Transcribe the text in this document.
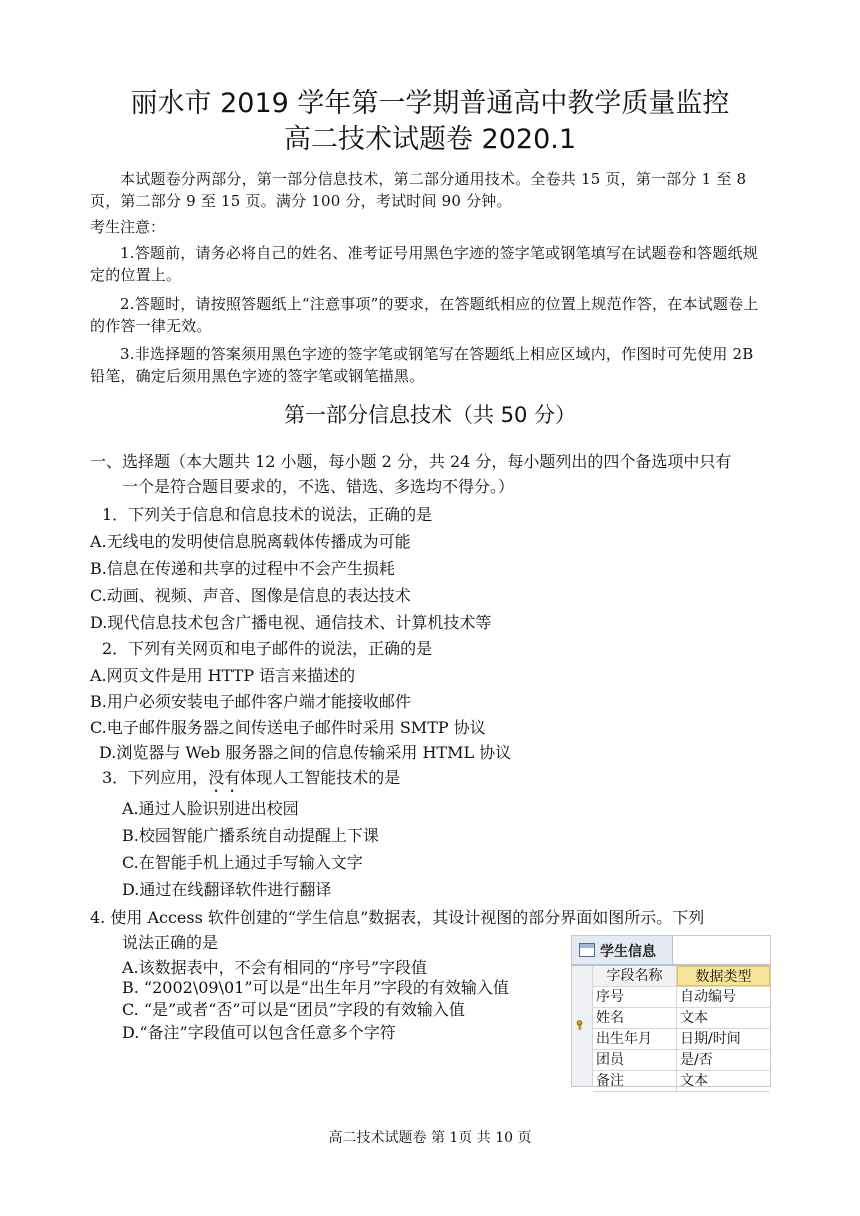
丽水市 2019 学年第一学期普通高中教学质量监控
高二技术试题卷 2020.1
本试题卷分两部分，第一部分信息技术，第二部分通用技术。全卷共 15 页，第一部分 1 至 8 页，第二部分 9 至 15 页。满分 100 分，考试时间 90 分钟。
考生注意：
1.答题前，请务必将自己的姓名、准考证号用黑色字迹的签字笔或钢笔填写在试题卷和答题纸规定的位置上。
2.答题时，请按照答题纸上“注意事项”的要求，在答题纸相应的位置上规范作答，在本试题卷上的作答一律无效。
3.非选择题的答案须用黑色字迹的签字笔或钢笔写在答题纸上相应区域内，作图时可先使用 2B 铅笔，确定后须用黑色字迹的签字笔或钢笔描黑。
第一部分信息技术（共 50 分）
一、选择题（本大题共 12 小题，每小题 2 分，共 24 分，每小题列出的四个备选项中只有
一个是符合题目要求的，不选、错选、多选均不得分。）
1．下列关于信息和信息技术的说法，正确的是
A.无线电的发明使信息脱离载体传播成为可能
B.信息在传递和共享的过程中不会产生损耗
C.动画、视频、声音、图像是信息的表达技术
D.现代信息技术包含广播电视、通信技术、计算机技术等
2．下列有关网页和电子邮件的说法，正确的是
A.网页文件是用 HTTP 语言来描述的
B.用户必须安装电子邮件客户端才能接收邮件
C.电子邮件服务器之间传送电子邮件时采用 SMTP 协议
D.浏览器与 Web 服务器之间的信息传输采用 HTML 协议
3．下列应用，没有体现人工智能技术的是
A.通过人脸识别进出校园
B.校园智能广播系统自动提醒上下课
C.在智能手机上通过手写输入文字
D.通过在线翻译软件进行翻译
4. 使用 Access 软件创建的“学生信息”数据表，其设计视图的部分界面如图所示。下列
说法正确的是
A.该数据表中，不会有相同的“序号”字段值
B. “2002\09\01”可以是“出生年月”字段的有效输入值
C. “是”或者“否”可以是“团员”字段的有效输入值
D.“备注”字段值可以包含任意多个字符
学生信息
字段名称	数据类型
序号	自动编号
姓名	文本
出生年月	日期/时间
团员	是/否
备注	文本
高二技术试题卷 第 1页 共 10 页
